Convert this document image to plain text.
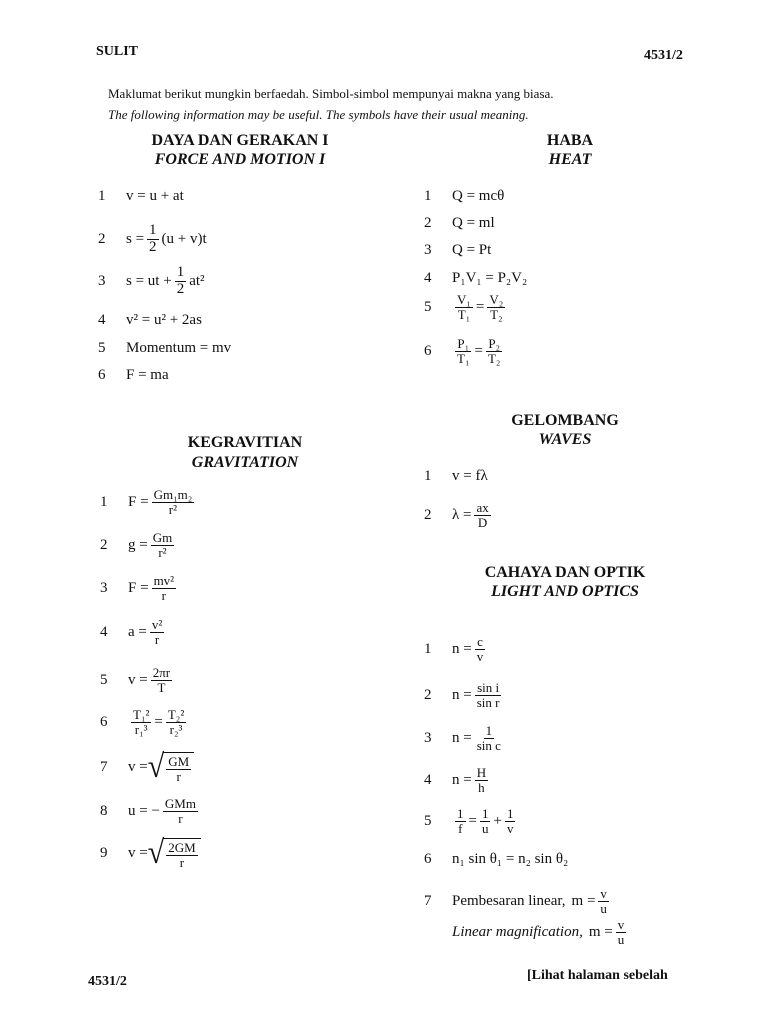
SULIT	4531/2
Maklumat berikut mungkin berfaedah. Simbol-simbol mempunyai makna yang biasa.
The following information may be useful. The symbols have their usual meaning.
DAYA DAN GERAKAN I
FORCE AND MOTION I
1	v = u + at
2	$s = \frac{1}{2} (u + v)t$
3	s = ut + $\frac{1}{2} at^2$
4	v² = u² + 2as
5	Momentum = mv
6	F = ma
KEGRAVITIAN
GRAVITATION
1	$F = \frac{\text{Gm₁m₂}}{\text{r²}}$
2	$g = \frac{Gm}{\text{r²}}$
3	$F = \frac{\text{mv²}}{r}$
4	$a = \frac{\text{v²}}{r}$
5	$v = \frac{2\pi r}{T}$
6	$\frac{\text{T₁²}}{\text{r₁³}} = \frac{\text{T₂²}}{\text{r₂³}}$
7	v = √ $\frac{GM}{r}$
8	u = − GMm
r
9	v = √ $\frac{2GM}{r}$
HABA
HEAT
1	Q = mcθ
2	Q = ml
3	Q = Pt
4	P₁V₁ = P₂V₂
5	$\frac{\text{V₁}}{\text{T₁}} = \frac{\text{V₂}}{\text{T₂}}$
6	$\frac{\text{P₁}}{\text{T₁}} = \frac{\text{P₂}}{\text{T₂}}$
GELOMBANG
WAVES
1	v = fλ
2	$\lambda = \frac{ax}{D}$
CAHAYA DAN OPTIK
LIGHT AND OPTICS
1	$n = \frac{c}{v}$
2	$n = \frac{\text{sin i}}{\text{sin r}}$
3	$n = \frac{1}{\text{sin c}}$
4	$n = \frac{H}{h}$
5	$\frac{1}{f} = \frac{1}{u} + \frac{1}{v}$
6	n₁ sin θ₁ = n₂ sin θ₂
7	Pembesaran linear, $m = \frac{v}{u}$
Linear magnification, $m = \frac{v}{u}$
4531/2	[Lihat halaman sebelah
